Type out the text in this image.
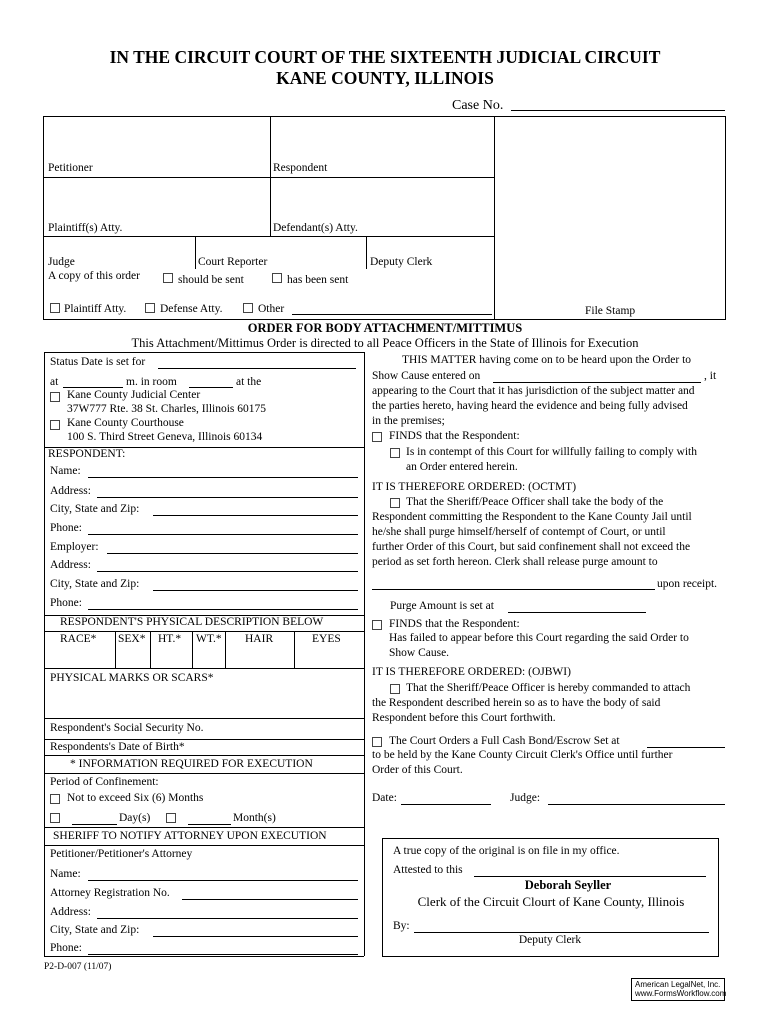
IN THE CIRCUIT COURT OF THE SIXTEENTH JUDICIAL CIRCUIT
KANE COUNTY, ILLINOIS
Case No.
Petitioner	Respondent
Plaintiff(s) Atty.	Defendant(s) Atty.
Judge	Court Reporter	Deputy Clerk
A copy of this order	should be sent	has been sent
Plaintiff Atty.	Defense Atty.	Other	File Stamp
ORDER FOR BODY ATTACHMENT/MITTIMUS
This Attachment/Mittimus Order is directed to all Peace Officers in the State of Illinois for Execution
Status Date is set for
at	m. in room	at the
Kane County Judicial Center
37W777 Rte. 38 St. Charles, Illinois 60175
Kane County Courthouse
100 S. Third Street Geneva, Illinois 60134
RESPONDENT:
Name:
Address:
City, State and Zip:
Phone:
Employer:
Address:
City, State and Zip:
Phone:
RESPONDENT'S PHYSICAL DESCRIPTION BELOW
RACE* SEX* HT.* WT.* HAIR	EYES
PHYSICAL MARKS OR SCARS*
Respondent's Social Security No.
Respondents's Date of Birth*
* INFORMATION REQUIRED FOR EXECUTION
Period of Confinement:
Not to exceed Six (6) Months
Day(s)	Month(s)
SHERIFF TO NOTIFY ATTORNEY UPON EXECUTION
Petitioner/Petitioner's Attorney
Name:
Attorney Registration No.
Address:
City, State and Zip:
Phone:
THIS MATTER having come on to be heard upon the Order to
Show Cause entered on	, it
appearing to the Court that it has jurisdiction of the subject matter and
the parties hereto, having heard the evidence and being fully advised
in the premises;
FINDS that the Respondent:
Is in contempt of this Court for willfully failing to comply with
an Order entered herein.
IT IS THEREFORE ORDERED: (OCTMT)
That the Sheriff/Peace Officer shall take the body of the
Respondent committing the Respondent to the Kane County Jail until
he/she shall purge himself/herself of contempt of Court, or until
further Order of this Court, but said confinement shall not exceed the
period as set forth hereon. Clerk shall release purge amount to
upon receipt.
Purge Amount is set at
FINDS that the Respondent:
Has failed to appear before this Court regarding the said Order to
Show Cause.
IT IS THEREFORE ORDERED: (OJBWI)
That the Sheriff/Peace Officer is hereby commanded to attach
the Respondent described herein so as to have the body of said
Respondent before this Court forthwith.
The Court Orders a Full Cash Bond/Escrow Set at
to be held by the Kane County Circuit Clerk's Office until further
Order of this Court.
Date:	Judge:
A true copy of the original is on file in my office.
Attested to this
Deborah Seyller
Clerk of the Circuit Clourt of Kane County, Illinois
By:
Deputy Clerk
P2-D-007 (11/07)
American LegalNet, Inc.
www.FormsWorkflow.com
